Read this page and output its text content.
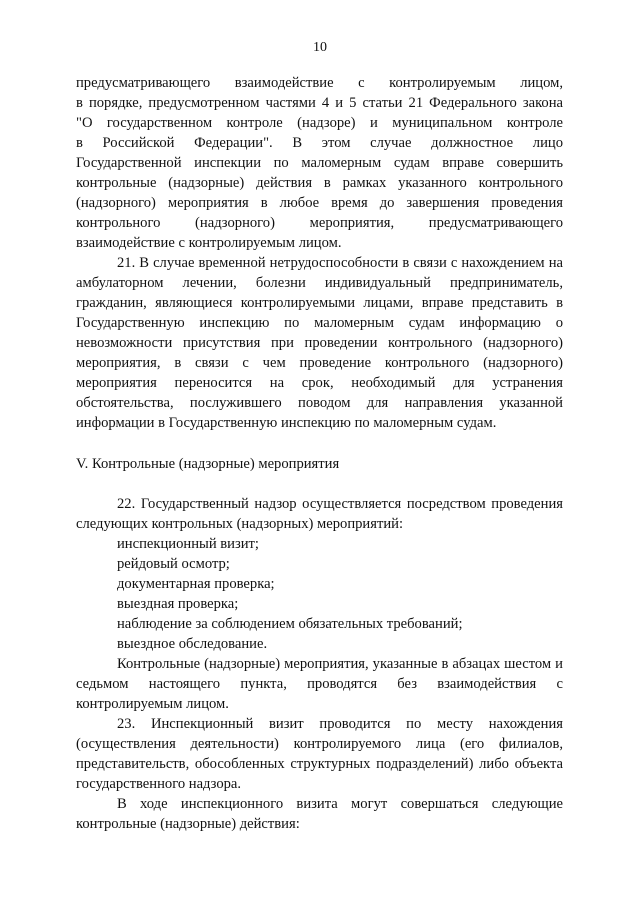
10

предусматривающего взаимодействие с контролируемым лицом,

в порядке, предусмотренном частями 4 и 5 статьи 21 Федерального закона

"О государственном контроле (надзоре) и муниципальном контроле

в Российской Федерации". В этом случае должностное лицо

Государственной инспекции по маломерным судам вправе совершить

контрольные (надзорные) действия в рамках указанного контрольного

(надзорного) мероприятия в любое время до завершения проведения

контрольного (надзорного) мероприятия, предусматривающего

взаимодействие с контролируемым лицом.

21. В случае временной нетрудоспособности в связи с нахождением на амбулаторном лечении, болезни индивидуальный предприниматель, гражданин, являющиеся контролируемыми лицами, вправе представить в Государственную инспекцию по маломерным судам информацию о невозможности присутствия при проведении контрольного (надзорного) мероприятия, в связи с чем проведение контрольного (надзорного) мероприятия переносится на срок, необходимый для устранения обстоятельства, послужившего поводом для направления указанной информации в Государственную инспекцию по маломерным судам.

V. Контрольные (надзорные) мероприятия

22. Государственный надзор осуществляется посредством проведения следующих контрольных (надзорных) мероприятий:

инспекционный визит;

рейдовый осмотр;

документарная проверка;

выездная проверка;

наблюдение за соблюдением обязательных требований;

выездное обследование.

Контрольные (надзорные) мероприятия, указанные в абзацах шестом и седьмом настоящего пункта, проводятся без взаимодействия с контролируемым лицом.

23. Инспекционный визит проводится по месту нахождения (осуществления деятельности) контролируемого лица (его филиалов, представительств, обособленных структурных подразделений) либо объекта государственного надзора.

В ходе инспекционного визита могут совершаться следующие контрольные (надзорные) действия:
